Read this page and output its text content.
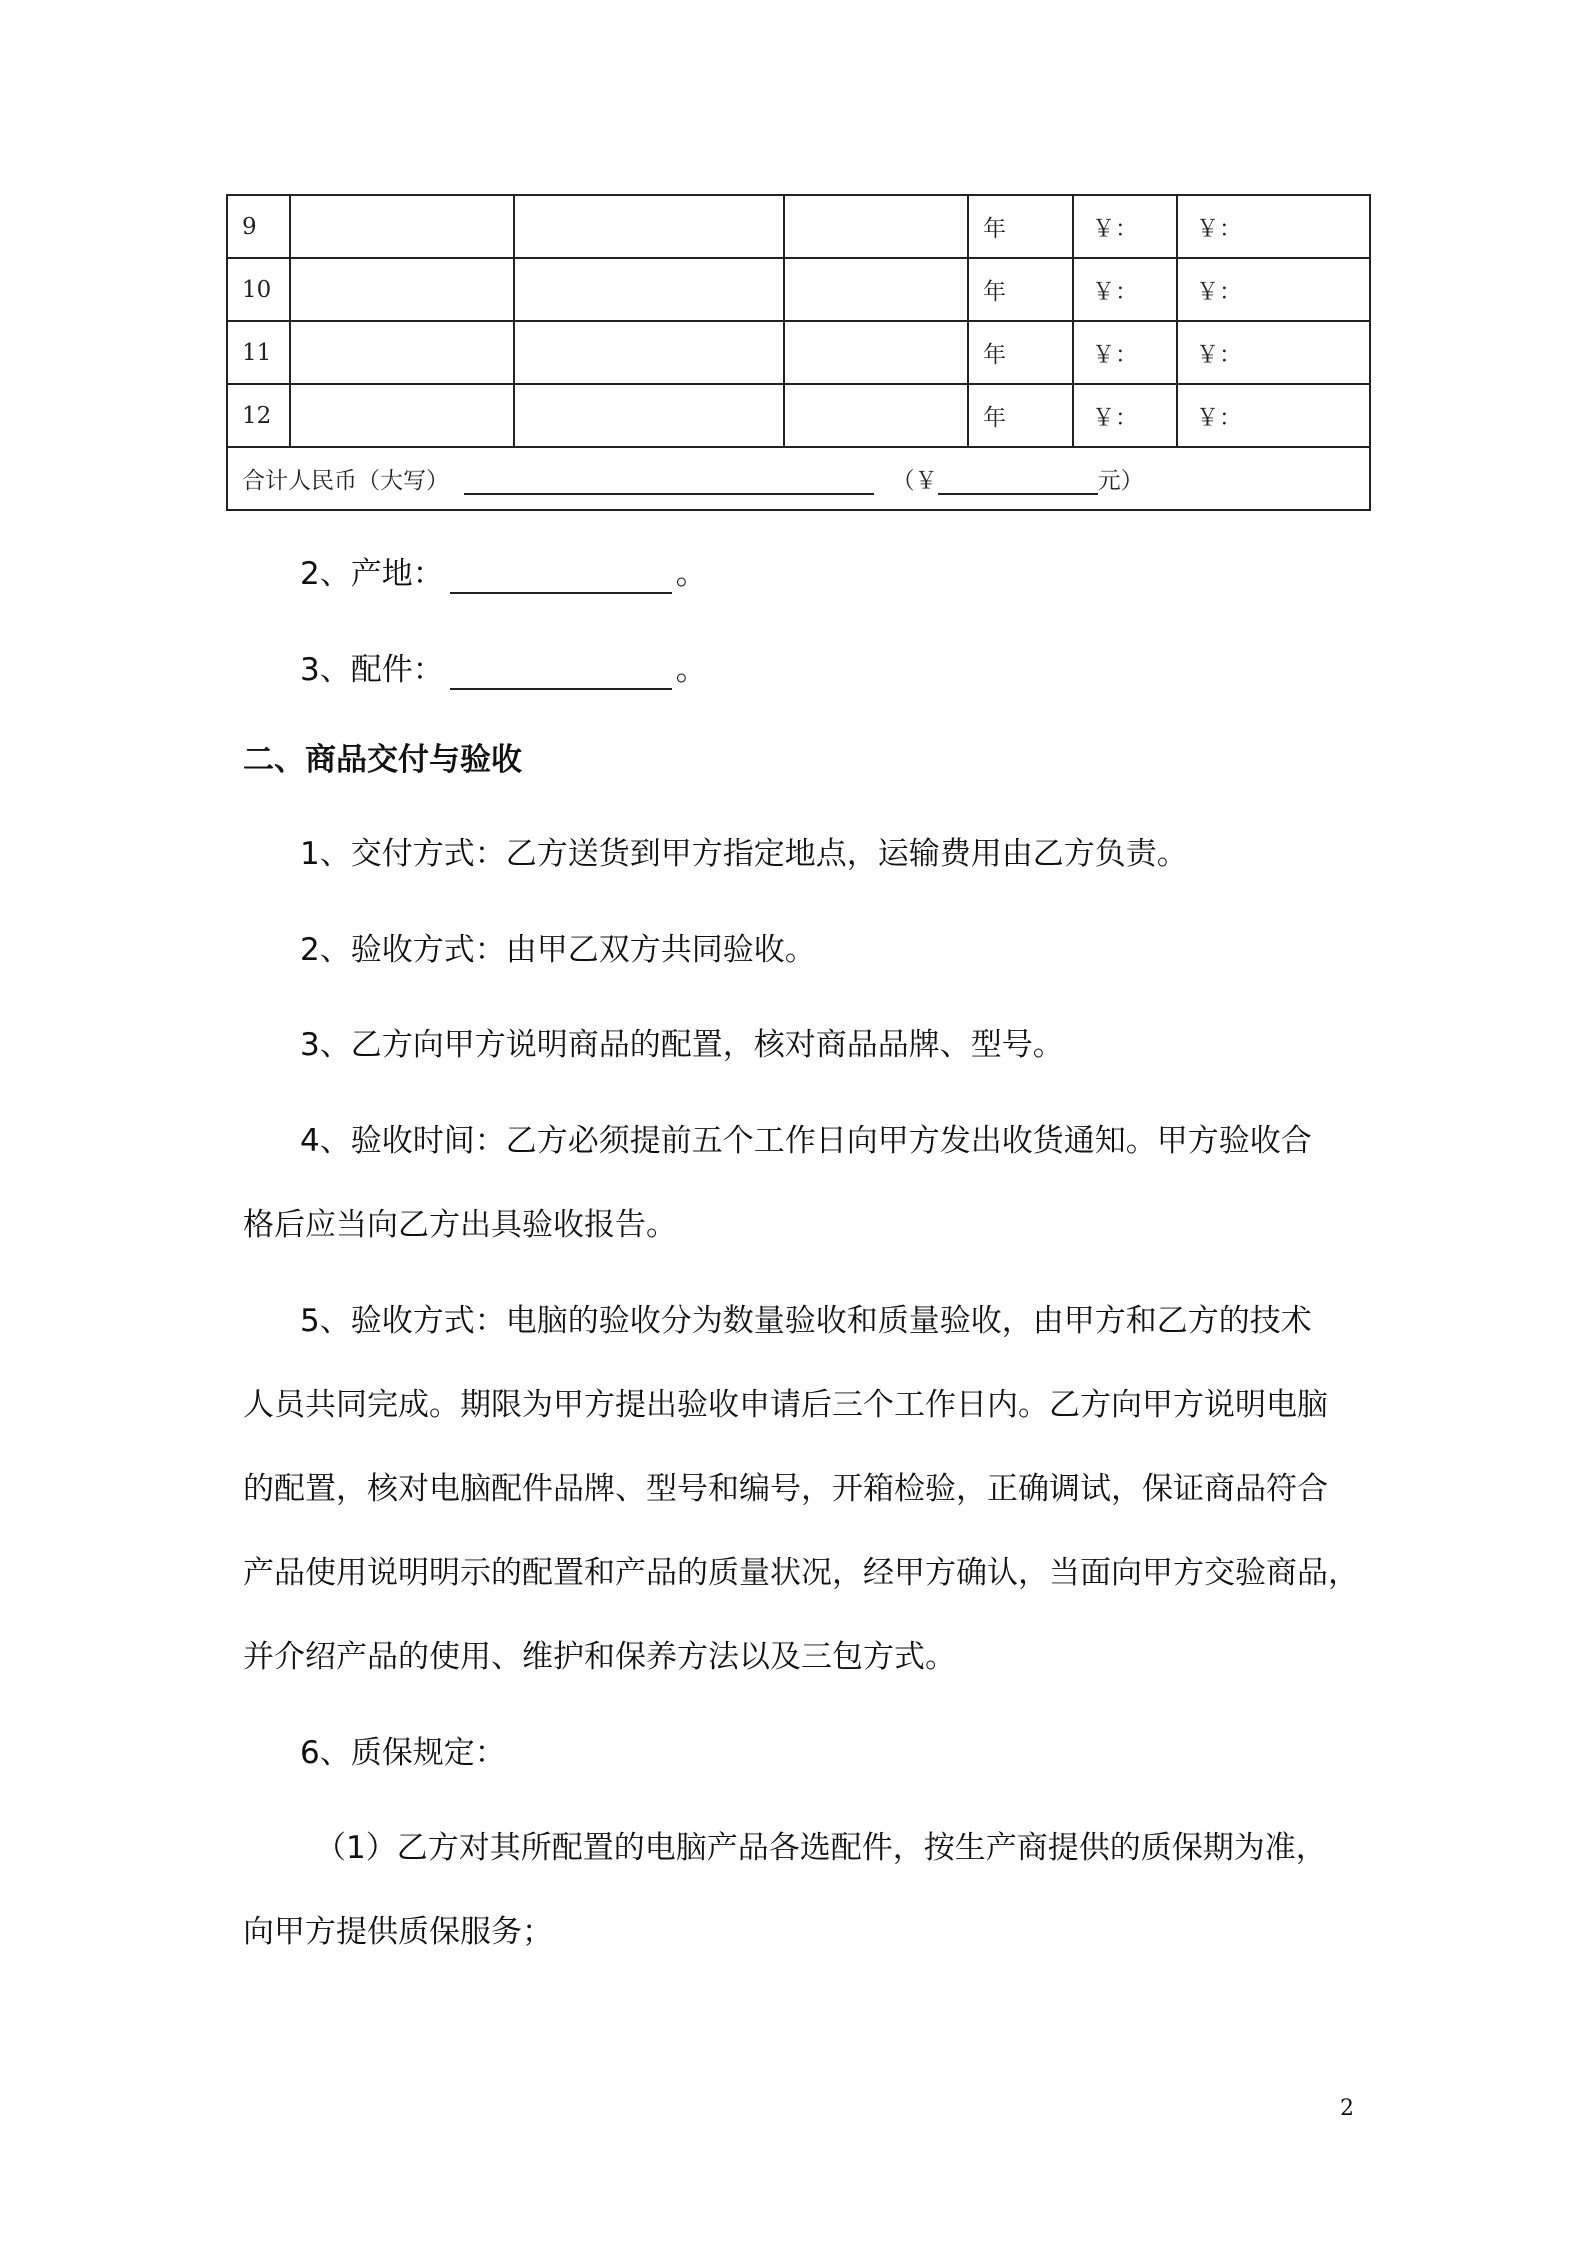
9				年	￥：	￥：
10				年	￥：	￥：
11				年	￥：	￥：
12				年	￥：	￥：
合计人民币（大写） （￥ 元）						
2、产地：	。
3、配件：	。
二、商品交付与验收
1、交付方式：乙方送货到甲方指定地点，运输费用由乙方负责。
2、验收方式：由甲乙双方共同验收。
3、乙方向甲方说明商品的配置，核对商品品牌、型号。
4、验收时间：乙方必须提前五个工作日向甲方发出收货通知。甲方验收合
格后应当向乙方出具验收报告。
5、验收方式：电脑的验收分为数量验收和质量验收，由甲方和乙方的技术
人员共同完成。期限为甲方提出验收申请后三个工作日内。乙方向甲方说明电脑
的配置，核对电脑配件品牌、型号和编号，开箱检验，正确调试，保证商品符合
产品使用说明明示的配置和产品的质量状况，经甲方确认，当面向甲方交验商品，
并介绍产品的使用、维护和保养方法以及三包方式。
6、质保规定：
（1）乙方对其所配置的电脑产品各选配件，按生产商提供的质保期为准，
向甲方提供质保服务；
2
